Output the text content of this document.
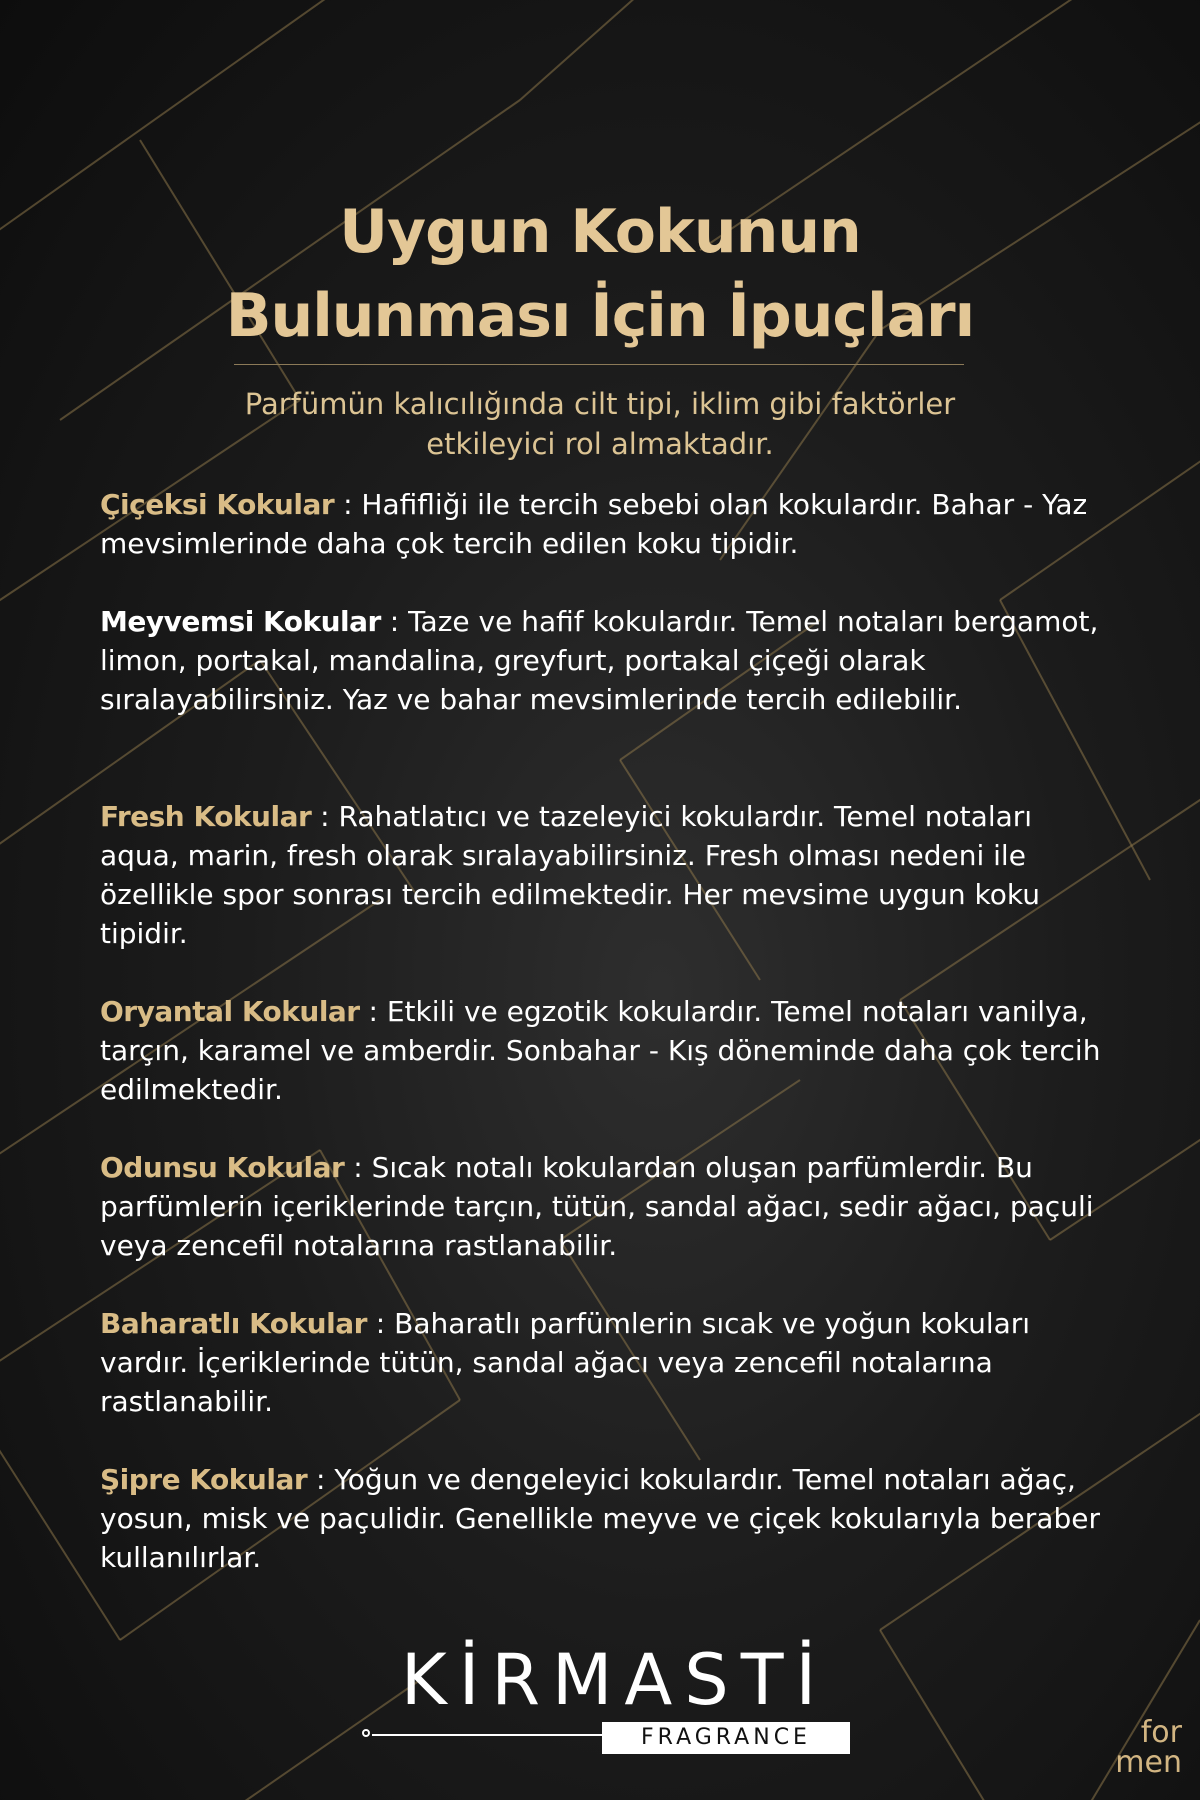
Uygun Kokunun
Bulunması İçin İpuçları
Parfümün kalıcılığında cilt tipi, iklim gibi faktörler
etkileyici rol almaktadır.
Çiçeksi Kokular : Hafifliği ile tercih sebebi olan kokulardır. Bahar - Yaz mevsimlerinde daha çok tercih edilen koku tipidir.
Meyvemsi Kokular : Taze ve hafif kokulardır. Temel notaları bergamot, limon, portakal, mandalina, greyfurt, portakal çiçeği olarak sıralayabilirsiniz. Yaz ve bahar mevsimlerinde tercih edilebilir.
Fresh Kokular : Rahatlatıcı ve tazeleyici kokulardır. Temel notaları aqua, marin, fresh olarak sıralayabilirsiniz. Fresh olması nedeni ile özellikle spor sonrası tercih edilmektedir. Her mevsime uygun koku tipidir.
Oryantal Kokular : Etkili ve egzotik kokulardır. Temel notaları vanilya, tarçın, karamel ve amberdir. Sonbahar - Kış döneminde daha çok tercih edilmektedir.
Odunsu Kokular : Sıcak notalı kokulardan oluşan parfümlerdir. Bu parfümlerin içeriklerinde tarçın, tütün, sandal ağacı, sedir ağacı, paçuli veya zencefil notalarına rastlanabilir.
Baharatlı Kokular : Baharatlı parfümlerin sıcak ve yoğun kokuları vardır. İçeriklerinde tütün, sandal ağacı veya zencefil notalarına rastlanabilir.
Şipre Kokular : Yoğun ve dengeleyici kokulardır. Temel notaları ağaç, yosun, misk ve paçulidir. Genellikle meyve ve çiçek kokularıyla beraber kullanılırlar.
KİRMASTİ
FRAGRANCE	for
men
